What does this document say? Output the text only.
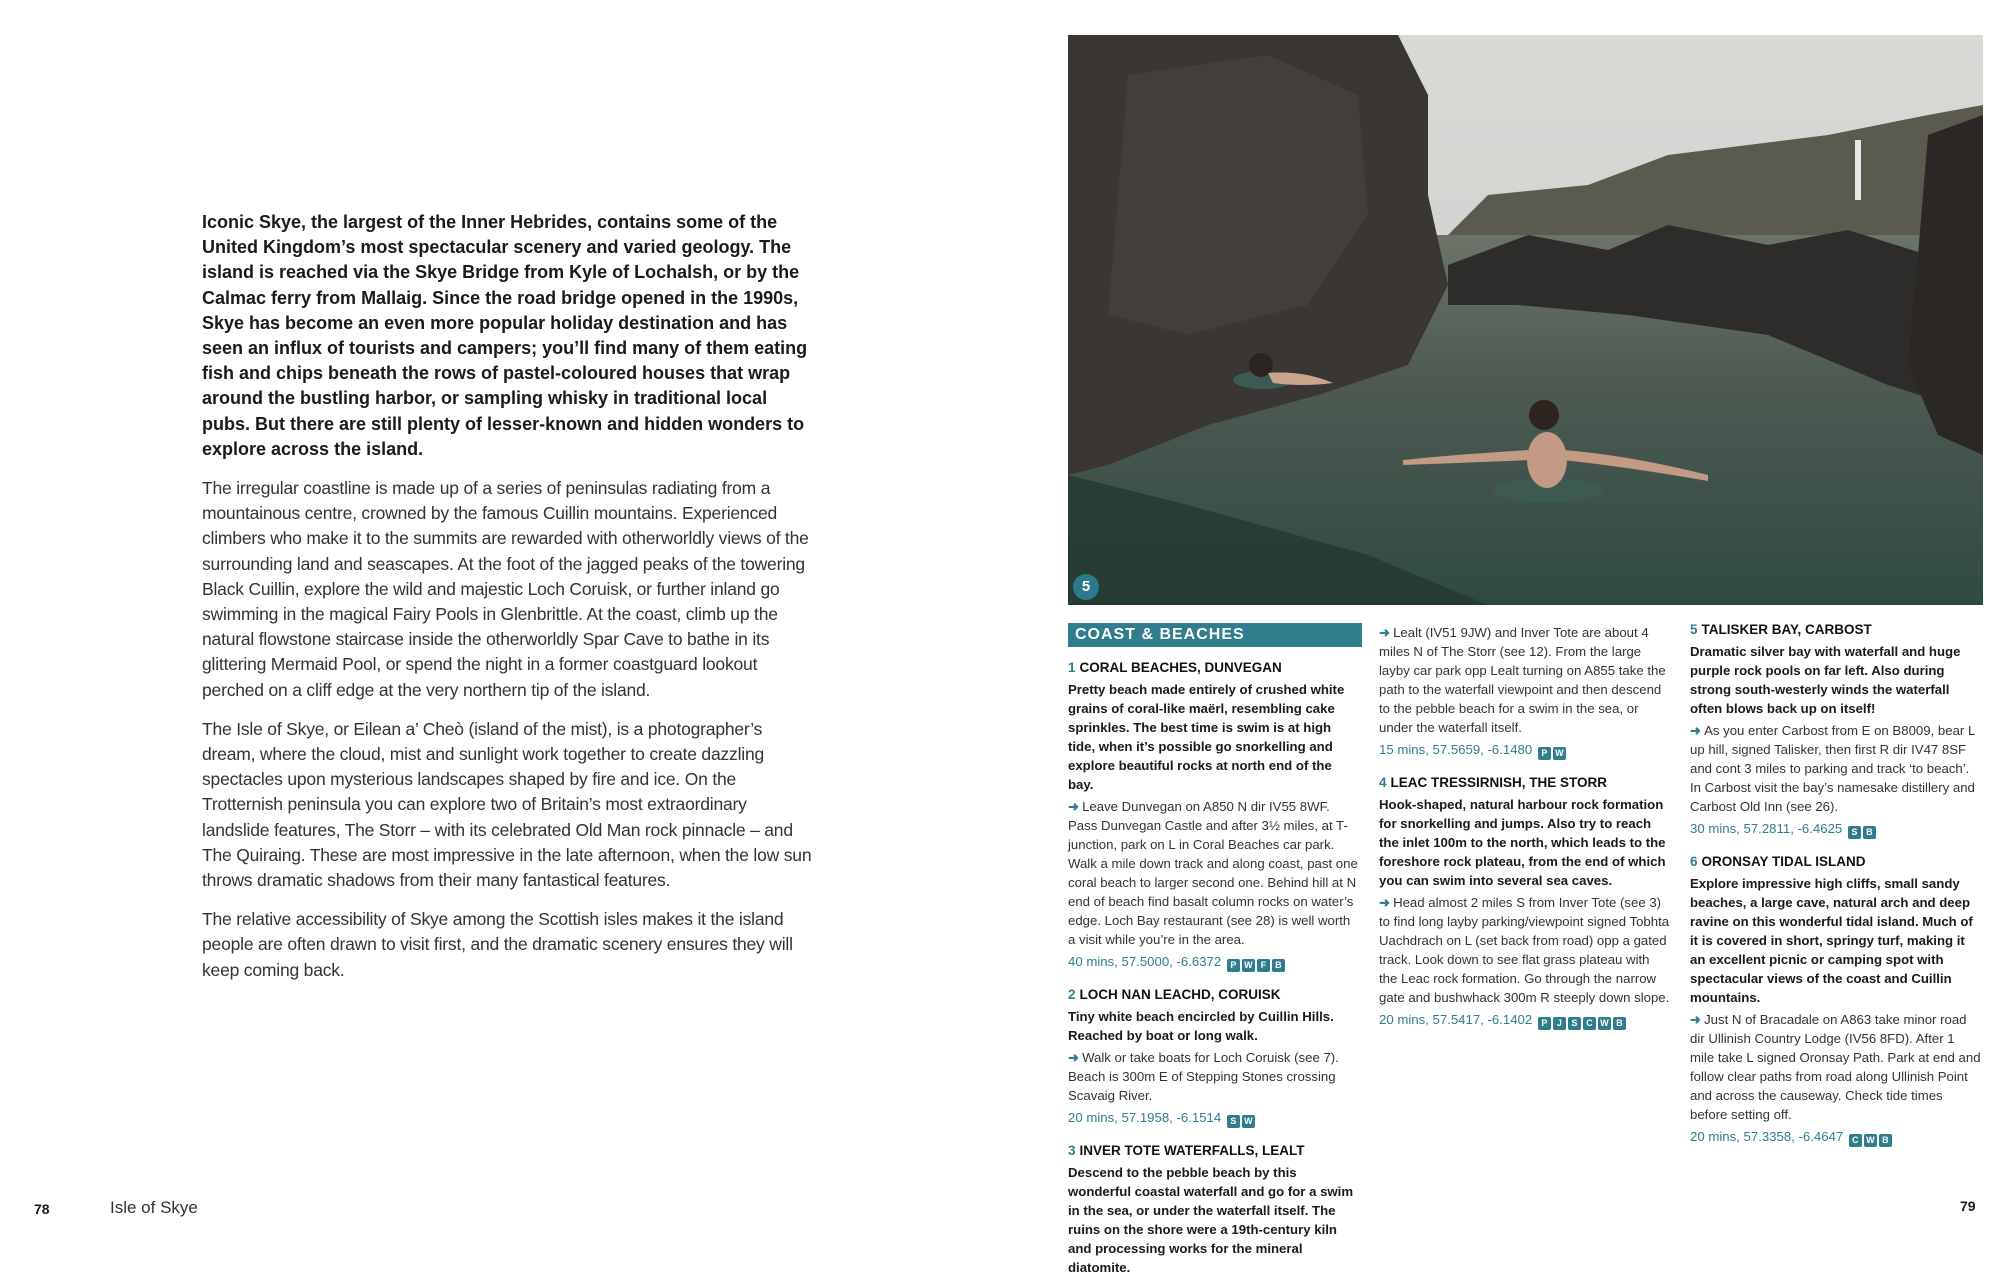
Iconic Skye, the largest of the Inner Hebrides, contains some of the United Kingdom’s most spectacular scenery and varied geology. The island is reached via the Skye Bridge from Kyle of Lochalsh, or by the Calmac ferry from Mallaig. Since the road bridge opened in the 1990s, Skye has become an even more popular holiday destination and has seen an influx of tourists and campers; you’ll find many of them eating fish and chips beneath the rows of pastel-coloured houses that wrap around the bustling harbor, or sampling whisky in traditional local pubs. But there are still plenty of lesser-known and hidden wonders to explore across the island.

The irregular coastline is made up of a series of peninsulas radiating from a mountainous centre, crowned by the famous Cuillin mountains. Experienced climbers who make it to the summits are rewarded with otherworldly views of the surrounding land and seascapes. At the foot of the jagged peaks of the towering Black Cuillin, explore the wild and majestic Loch Coruisk, or further inland go swimming in the magical Fairy Pools in Glenbrittle. At the coast, climb up the natural flowstone staircase inside the otherworldly Spar Cave to bathe in its glittering Mermaid Pool, or spend the night in a former coastguard lookout perched on a cliff edge at the very northern tip of the island.

The Isle of Skye, or Eilean a’ Cheò (island of the mist), is a photographer’s dream, where the cloud, mist and sunlight work together to create dazzling spectacles upon mysterious landscapes shaped by fire and ice. On the Trotternish peninsula you can explore two of Britain’s most extraordinary landslide features, The Storr – with its celebrated Old Man rock pinnacle – and The Quiraing. These are most impressive in the late afternoon, when the low sun throws dramatic shadows from their many fantastical features.

The relative accessibility of Skye among the Scottish isles makes it the island people are often drawn to visit first, and the dramatic scenery ensures they will keep coming back.

5
COAST & BEACHES
1 CORAL BEACHES, DUNVEGAN
Pretty beach made entirely of crushed white grains of coral-like maërl, resembling cake sprinkles. The best time is swim is at high tide, when it’s possible go snorkelling and explore beautiful rocks at north end of the bay.
➜ Leave Dunvegan on A850 N dir IV55 8WF. Pass Dunvegan Castle and after 3½ miles, at T-junction, park on L in Coral Beaches car park. Walk a mile down track and along coast, past one coral beach to larger second one. Behind hill at N end of beach find basalt column rocks on water’s edge. Loch Bay restaurant (see 28) is well worth a visit while you’re in the area.
40 mins, 57.5000, -6.6372 P W F B
2 LOCH NAN LEACHD, CORUISK
Tiny white beach encircled by Cuillin Hills. Reached by boat or long walk.
➜ Walk or take boats for Loch Coruisk (see 7). Beach is 300m E of Stepping Stones crossing Scavaig River.
20 mins, 57.1958, -6.1514 S W
3 INVER TOTE WATERFALLS, LEALT
Descend to the pebble beach by this wonderful coastal waterfall and go for a swim in the sea, or under the waterfall itself. The ruins on the shore were a 19th-century kiln and processing works for the mineral diatomite.
➜ Lealt (IV51 9JW) and Inver Tote are about 4 miles N of The Storr (see 12). From the large layby car park opp Lealt turning on A855 take the path to the waterfall viewpoint and then descend to the pebble beach for a swim in the sea, or under the waterfall itself.
15 mins, 57.5659, -6.1480 P W
4 LEAC TRESSIRNISH, THE STORR
Hook-shaped, natural harbour rock formation for snorkelling and jumps. Also try to reach the inlet 100m to the north, which leads to the foreshore rock plateau, from the end of which you can swim into several sea caves.
➜ Head almost 2 miles S from Inver Tote (see 3) to find long layby parking/viewpoint signed Tobhta Uachdrach on L (set back from road) opp a gated track. Look down to see flat grass plateau with the Leac rock formation. Go through the narrow gate and bushwhack 300m R steeply down slope.
20 mins, 57.5417, -6.1402 P J S C W B
5 TALISKER BAY, CARBOST
Dramatic silver bay with waterfall and huge purple rock pools on far left. Also during strong south-westerly winds the waterfall often blows back up on itself!
➜ As you enter Carbost from E on B8009, bear L up hill, signed Talisker, then first R dir IV47 8SF and cont 3 miles to parking and track ‘to beach’. In Carbost visit the bay’s namesake distillery and Carbost Old Inn (see 26).
30 mins, 57.2811, -6.4625 S B
6 ORONSAY TIDAL ISLAND
Explore impressive high cliffs, small sandy beaches, a large cave, natural arch and deep ravine on this wonderful tidal island. Much of it is covered in short, springy turf, making it an excellent picnic or camping spot with spectacular views of the coast and Cuillin mountains.
➜ Just N of Bracadale on A863 take minor road dir Ullinish Country Lodge (IV56 8FD). After 1 mile take L signed Oronsay Path. Park at end and follow clear paths from road along Ullinish Point and across the causeway. Check tide times before setting off.
20 mins, 57.3358, -6.4647 C W B
78	Isle of Skye	79
